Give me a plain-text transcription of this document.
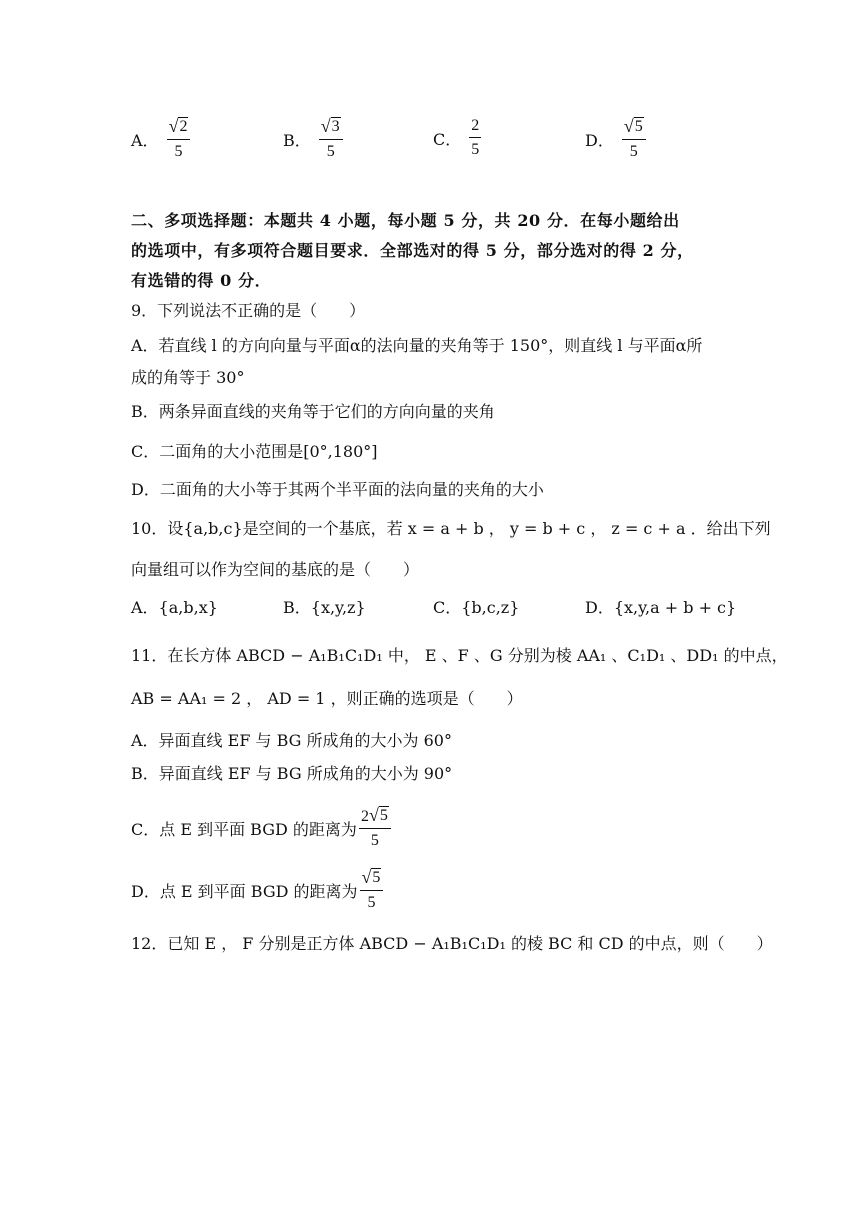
A． $\frac{√ 2}{5}$	B． $\frac{√ 3}{5}$	C． $\frac{2}{5}$	D． $\frac{√ 5}{5}$
二、多项选择题：本题共 4 小题，每小题 5 分，共 20 分．在每小题给出
的选项中，有多项符合题目要求．全部选对的得 5 分，部分选对的得 2 分，
有选错的得 0 分．
9．下列说法不正确的是（　　）
A．若直线 l 的方向向量与平面α的法向量的夹角等于 150°，则直线 l 与平面α所
成的角等于 30°
B．两条异面直线的夹角等于它们的方向向量的夹角
C．二面角的大小范围是[0°,180°]
D．二面角的大小等于其两个半平面的法向量的夹角的大小
10．设{a,b,c}是空间的一个基底，若 x = a + b ， y = b + c ， z = c + a ．给出下列
向量组可以作为空间的基底的是（　　）
A．{a,b,x}	B．{x,y,z}	C．{b,c,z}	D．{x,y,a + b + c}
11．在长方体 ABCD − A₁B₁C₁D₁ 中， E 、F 、G 分别为棱 AA₁ 、C₁D₁ 、DD₁ 的中点，
AB = AA₁ = 2 ， AD = 1 ，则正确的选项是（　　）
A．异面直线 EF 与 BG 所成角的大小为 60°
B．异面直线 EF 与 BG 所成角的大小为 90°
C．点 E 到平面 BGD 的距离为 $\frac{2 √ 5}{5}$
D．点 E 到平面 BGD 的距离为 $\frac{√ 5}{5}$
12．已知 E ， F 分别是正方体 ABCD − A₁B₁C₁D₁ 的棱 BC 和 CD 的中点，则（　　）
